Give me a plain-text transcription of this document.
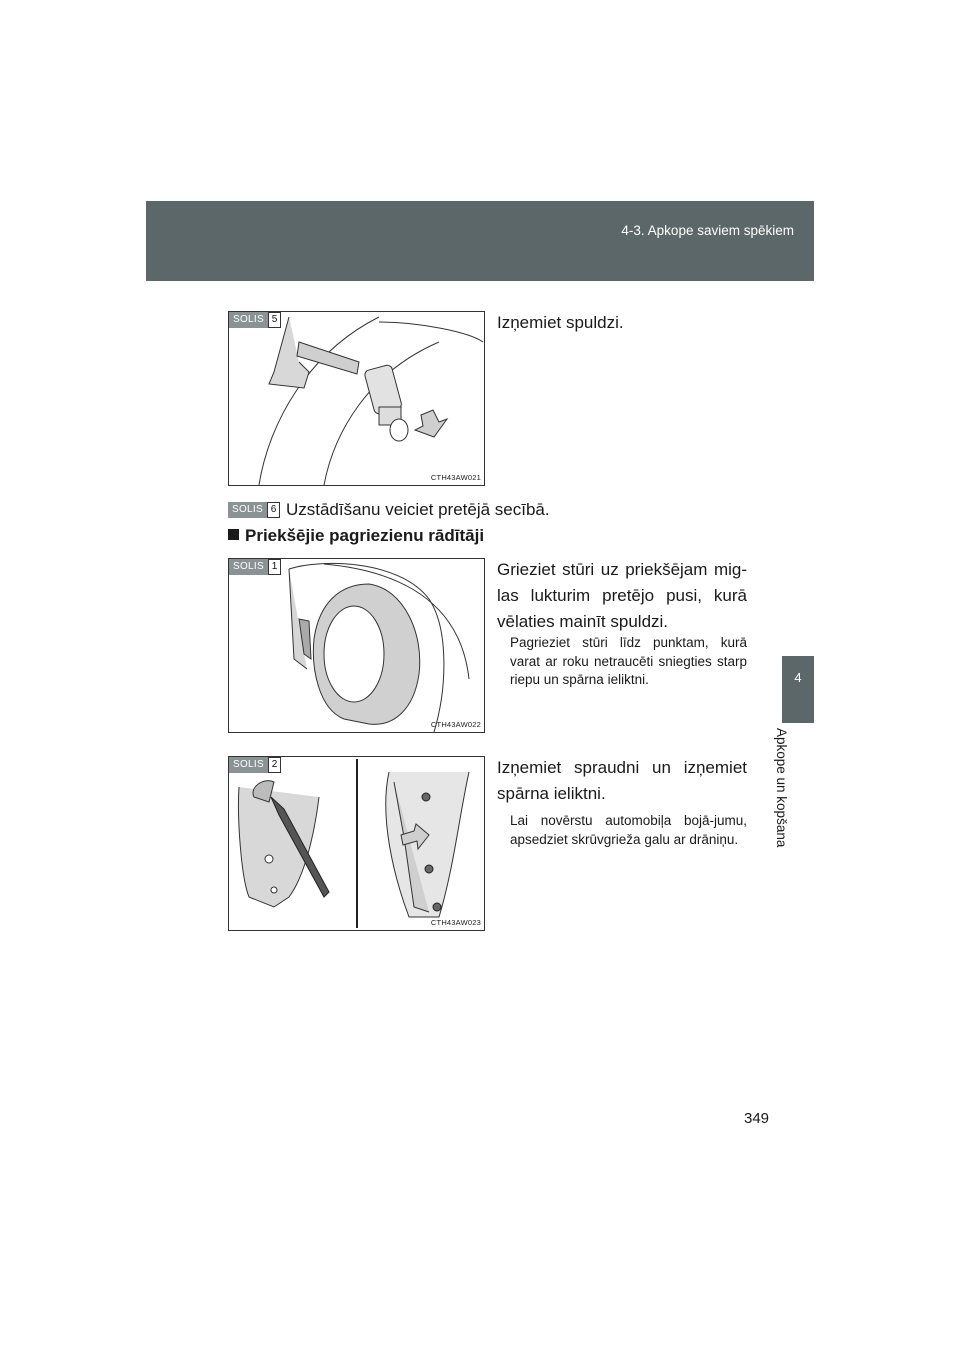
4-3. Apkope saviem spēkiem
4
Apkope un kopšana
SOLIS 5
CTH43AW021
Izņemiet spuldzi.
SOLIS 6 Uzstādīšanu veiciet pretējā secībā.
Priekšējie pagriezienu rādītāji
SOLIS 1
CTH43AW022
Grieziet stūri uz priekšējam mig-las lukturim pretējo pusi, kurā vēlaties mainīt spuldzi.
Pagrieziet stūri līdz punktam, kurā varat ar roku netraucēti sniegties starp riepu un spārna ieliktni.
SOLIS 2
CTH43AW023
Izņemiet spraudni un izņemiet spārna ieliktni.
Lai novērstu automobiļa bojā-jumu, apsedziet skrūvgrieža galu ar drāniņu.
349
